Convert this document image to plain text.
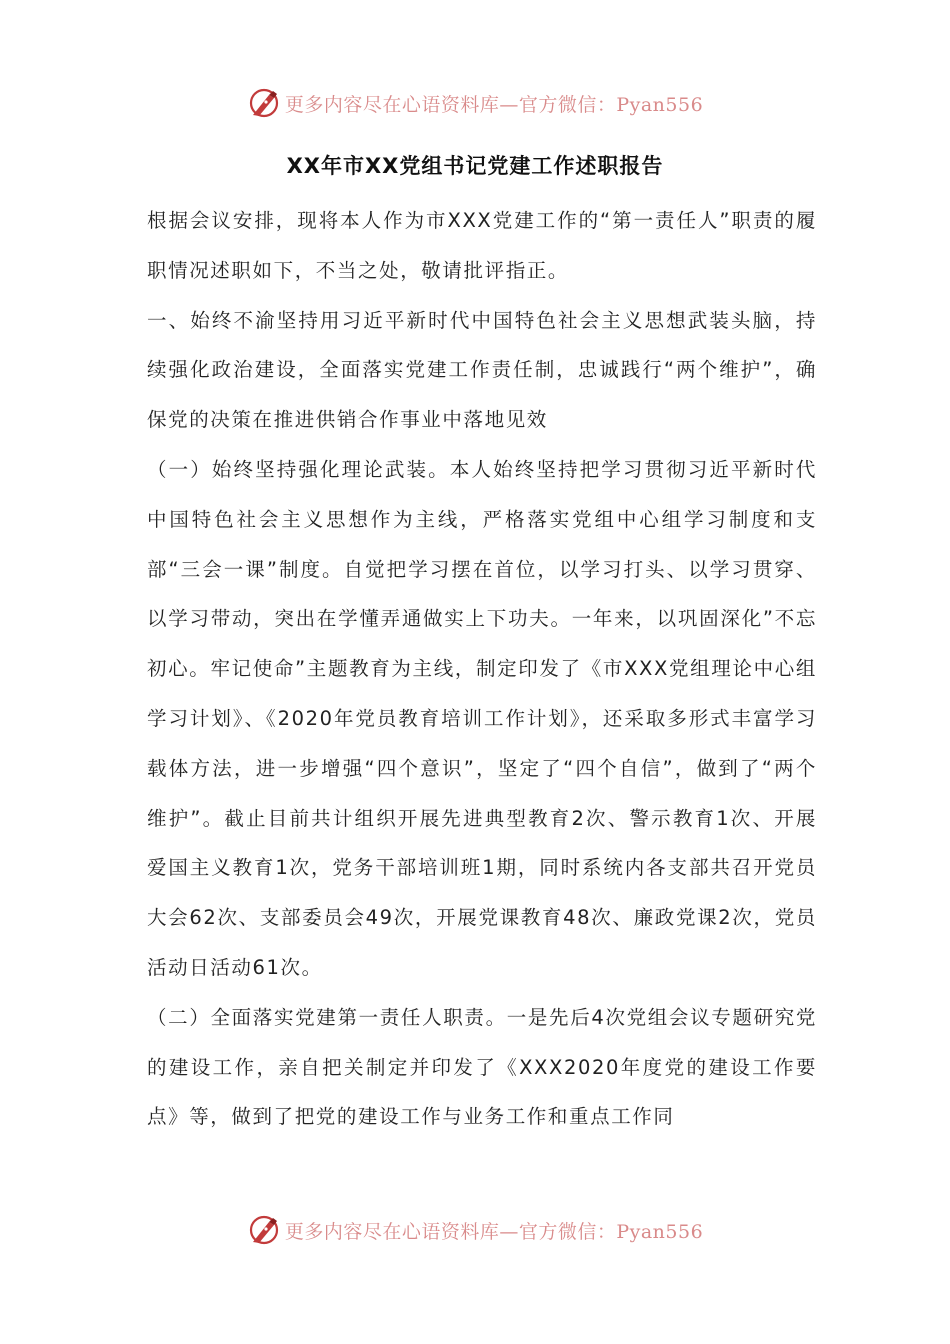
更多内容尽在心语资料库—官方微信：Pyan556
XX年市XX党组书记党建工作述职报告

根据会议安排，现将本人作为市XXX党建工作的“第一责任人”职责的履职情况述职如下，不当之处，敬请批评指正。

一、始终不渝坚持用习近平新时代中国特色社会主义思想武装头脑，持续强化政治建设，全面落实党建工作责任制，忠诚践行“两个维护”，确保党的决策在推进供销合作事业中落地见效

（一）始终坚持强化理论武装。本人始终坚持把学习贯彻习近平新时代中国特色社会主义思想作为主线，严格落实党组中心组学习制度和支部“三会一课”制度。自觉把学习摆在首位，以学习打头、以学习贯穿、以学习带动，突出在学懂弄通做实上下功夫。一年来，以巩固深化”不忘初心。牢记使命”主题教育为主线，制定印发了《市XXX党组理论中心组学习计划》、《2020年党员教育培训工作计划》，还采取多形式丰富学习载体方法，进一步增强“四个意识”，坚定了“四个自信”，做到了“两个维护”。截止目前共计组织开展先进典型教育2次、警示教育1次、开展爱国主义教育1次，党务干部培训班1期，同时系统内各支部共召开党员大会62次、支部委员会49次，开展党课教育48次、廉政党课2次，党员活动日活动61次。

（二）全面落实党建第一责任人职责。一是先后4次党组会议专题研究党的建设工作，亲自把关制定并印发了《XXX2020年度党的建设工作要点》等，做到了把党的建设工作与业务工作和重点工作同

更多内容尽在心语资料库—官方微信：Pyan556
